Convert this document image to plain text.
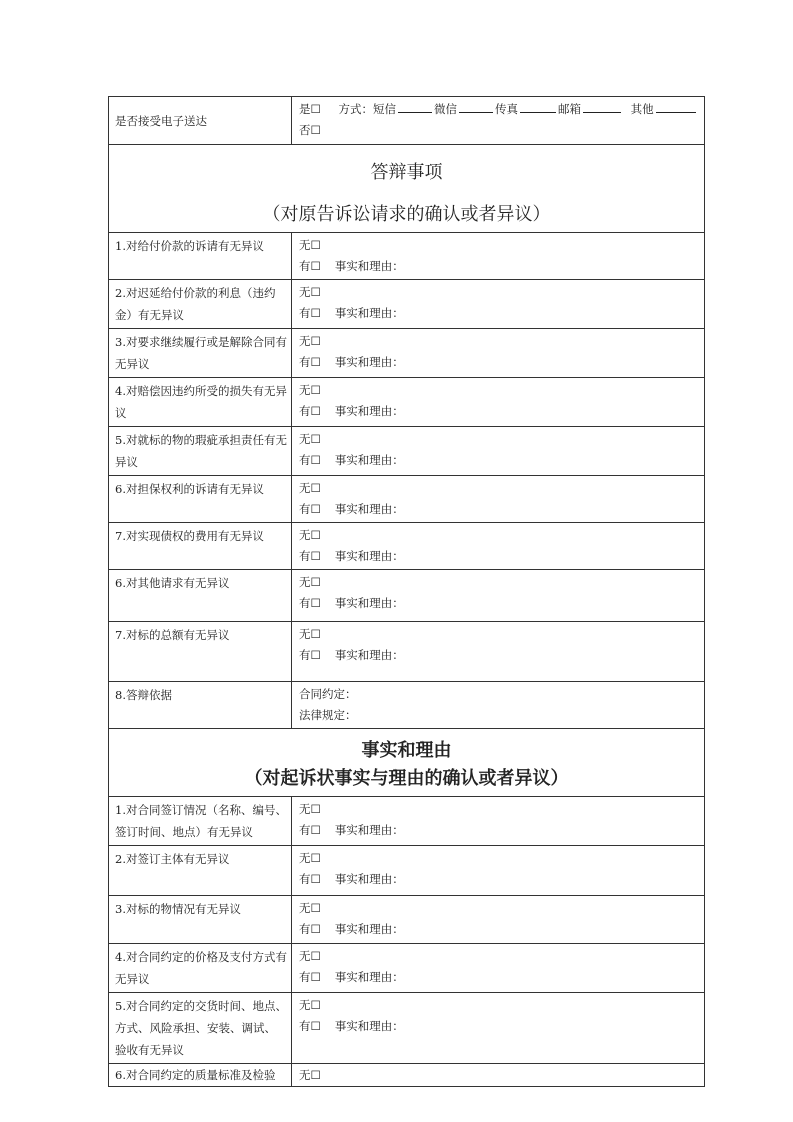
是否接受电子送达	是☐ 方式：短信 微信 传真 邮箱 其他
否☐

答辩事项
（对原告诉讼请求的确认或者异议）	

1.对给付价款的诉请有无异议	无☐
有☐ 事实和理由：

2.对迟延给付价款的利息（违约金）有无异议	无☐
有☐ 事实和理由：

3.对要求继续履行或是解除合同有无异议	无☐
有☐ 事实和理由：

4.对赔偿因违约所受的损失有无异议	无☐
有☐ 事实和理由：

5.对就标的物的瑕疵承担责任有无异议	无☐
有☐ 事实和理由：

6.对担保权利的诉请有无异议	无☐
有☐ 事实和理由：

7.对实现债权的费用有无异议	无☐
有☐ 事实和理由：

6.对其他请求有无异议	无☐
有☐ 事实和理由：

7.对标的总额有无异议	无☐
有☐ 事实和理由：

8.答辩依据	合同约定：
法律规定：

事实和理由
（对起诉状事实与理由的确认或者异议）	

1.对合同签订情况（名称、编号、签订时间、地点）有无异议	无☐
有☐ 事实和理由：

2.对签订主体有无异议	无☐
有☐ 事实和理由：

3.对标的物情况有无异议	无☐
有☐ 事实和理由：

4.对合同约定的价格及支付方式有无异议	无☐
有☐ 事实和理由：

5.对合同约定的交货时间、地点、方式、风险承担、安装、调试、验收有无异议	无☐
有☐ 事实和理由：

6.对合同约定的质量标准及检验	无☐
